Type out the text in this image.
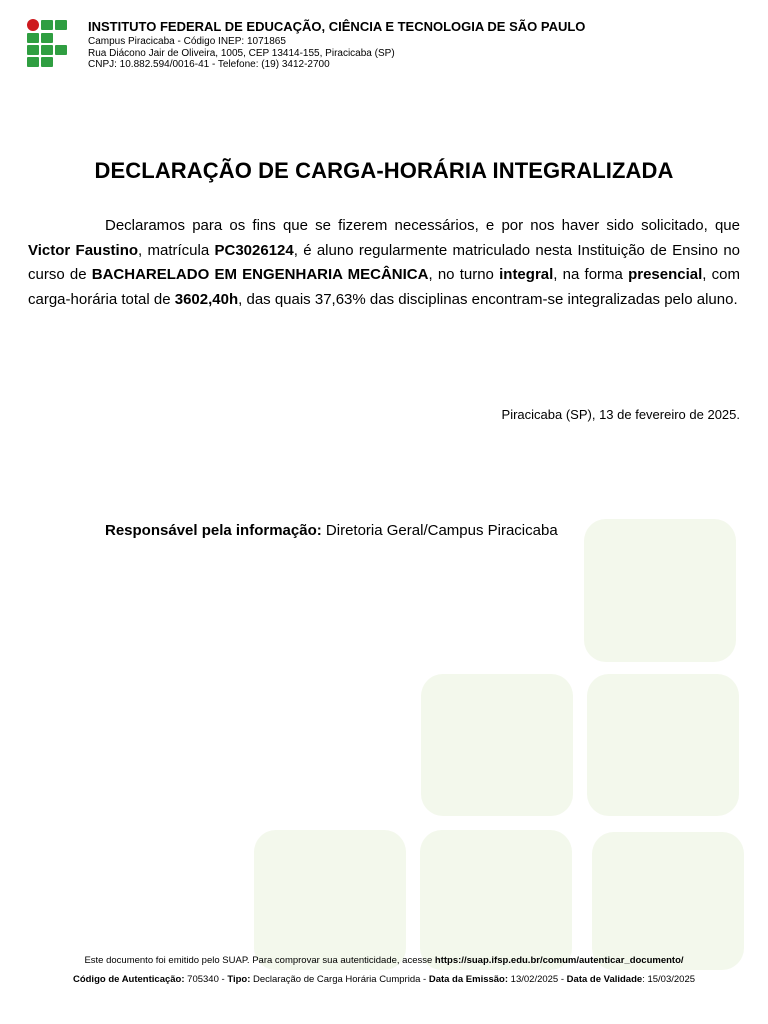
INSTITUTO FEDERAL DE EDUCAÇÃO, CIÊNCIA E TECNOLOGIA DE SÃO PAULO
Campus Piracicaba - Código INEP: 1071865
Rua Diácono Jair de Oliveira, 1005, CEP 13414-155, Piracicaba (SP)
CNPJ: 10.882.594/0016-41 - Telefone: (19) 3412-2700
DECLARAÇÃO DE CARGA-HORÁRIA INTEGRALIZADA

Declaramos para os fins que se fizerem necessários, e por nos haver sido solicitado, que Victor Faustino, matrícula PC3026124, é aluno regularmente matriculado nesta Instituição de Ensino no curso de BACHARELADO EM ENGENHARIA MECÂNICA, no turno integral, na forma presencial, com carga-horária total de 3602,40h, das quais 37,63% das disciplinas encontram-se integralizadas pelo aluno.

Piracicaba (SP), 13 de fevereiro de 2025.
Responsável pela informação: Diretoria Geral/Campus Piracicaba
Este documento foi emitido pelo SUAP. Para comprovar sua autenticidade, acesse https://suap.ifsp.edu.br/comum/autenticar_documento/
Código de Autenticação: 705340 - Tipo: Declaração de Carga Horária Cumprida - Data da Emissão: 13/02/2025 - Data de Validade: 15/03/2025
